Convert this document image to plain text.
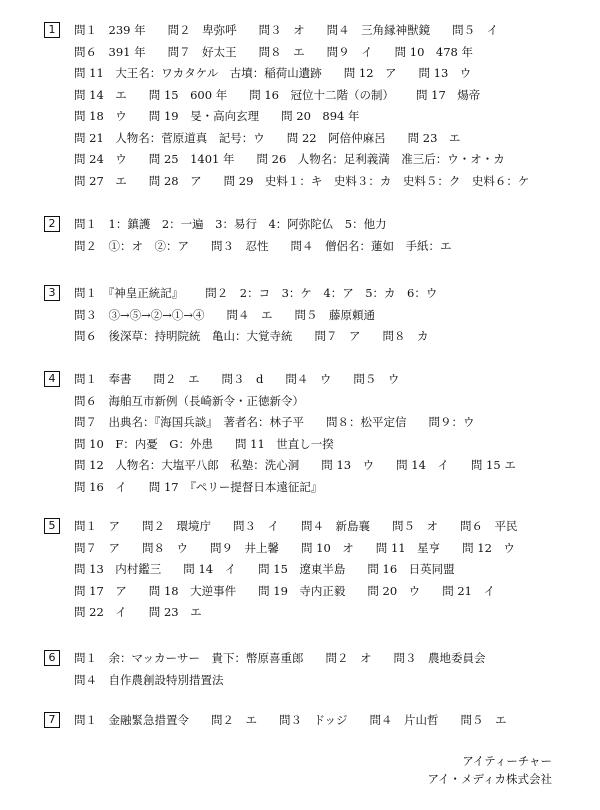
1	問１　239 年 問２　卑弥呼 問３　オ 問４　三角縁神獣鏡 問５　イ
問６　391 年 問７　好太王 問８　エ 問９　イ 問 10　478 年
問 11　大王名：ワカタケル　古墳：稲荷山遺跡 問 12　ア 問 13　ウ
問 14　エ 問 15　600 年 問 16　冠位十二階（の制） 問 17　煬帝
問 18　ウ 問 19　旻・高向玄理 問 20　894 年
問 21　人物名：菅原道真　記号：ウ 問 22　阿倍仲麻呂 問 23　エ
問 24　ウ 問 25　1401 年 問 26　人物名：足利義満　准三后：ウ・オ・カ
問 27　エ 問 28　ア 問 29　史料１：キ　史料３：カ　史料５：ク　史料６：ケ
2	問１　1：鎮護　2：一遍　3：易行　4：阿弥陀仏　5：他力
問２　①：オ　②：ア 問３　忍性 問４　僧侶名：蓮如　手紙：エ
3	問１　『神皇正統記』 問２　2：コ　3：ケ　4：ア　5：カ　6：ウ
問３　③→⑤→②→①→④ 問４　エ 問５　藤原頼通
問６　後深草：持明院統　亀山：大覚寺統 問７　ア 問８　カ
4	問１　奉書 問２　エ 問３　d 問４　ウ 問５　ウ
問６　海舶互市新例（長崎新令・正徳新令）
問７　出典名：『海国兵談』　著者名：林子平 問８：松平定信 問９：ウ
問 10　F：内憂　G：外患 問 11　世直し一揆
問 12　人物名：大塩平八郎　私塾：洗心洞 問 13　ウ 問 14　イ 問 15 エ
問 16　イ 問 17　『ペリー提督日本遠征記』
5	問１　ア 問２　環境庁 問３　イ 問４　新島襄 問５　オ 問６　平民
問７　ア 問８　ウ 問９　井上馨 問 10　オ 問 11　星亨 問 12　ウ
問 13　内村鑑三 問 14　イ 問 15　遼東半島 問 16　日英同盟
問 17　ア 問 18　大逆事件 問 19　寺内正毅 問 20　ウ 問 21　イ
問 22　イ 問 23　エ
6	問１　余：マッカーサー　貴下：幣原喜重郎 問２　オ 問３　農地委員会
問４　自作農創設特別措置法
7	問１　金融緊急措置令 問２　エ 問３　ドッジ 問４　片山哲 問５　エ
アイティーチャー
アイ・メディカ株式会社
